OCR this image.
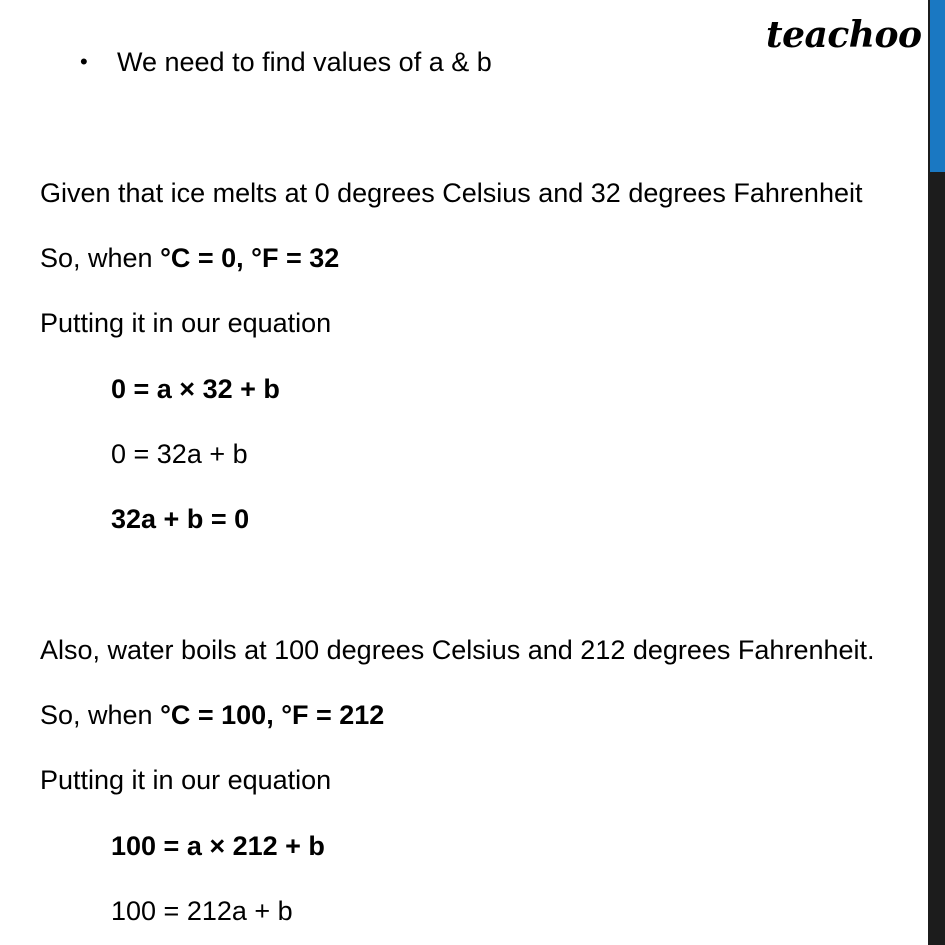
teachoo
• We need to find values of a & b
Given that ice melts at 0 degrees Celsius and 32 degrees Fahrenheit
So, when °C = 0, °F = 32
Putting it in our equation
0 = a × 32 + b
0 = 32a + b
32a + b = 0
Also, water boils at 100 degrees Celsius and 212 degrees Fahrenheit.
So, when °C = 100, °F = 212
Putting it in our equation
100 = a × 212 + b
100 = 212a + b
